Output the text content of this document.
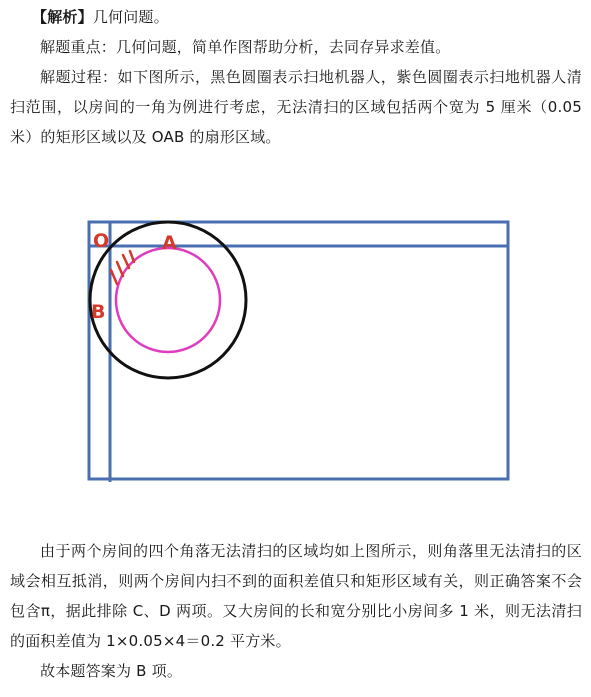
【解析】几何问题。

解题重点：几何问题，简单作图帮助分析，去同存异求差值。

解题过程：如下图所示，黑色圆圈表示扫地机器人，紫色圆圈表示扫地机器人清扫范围，以房间的一角为例进行考虑，无法清扫的区域包括两个宽为 5 厘米（0.05 米）的矩形区域以及 OAB 的扇形区域。

O	A
B

由于两个房间的四个角落无法清扫的区域均如上图所示，则角落里无法清扫的区域会相互抵消，则两个房间内扫不到的面积差值只和矩形区域有关，则正确答案不会包含π，据此排除 C、D 两项。又大房间的长和宽分别比小房间多 1 米，则无法清扫的面积差值为 1×0.05×4＝0.2 平方米。

故本题答案为 B 项。
